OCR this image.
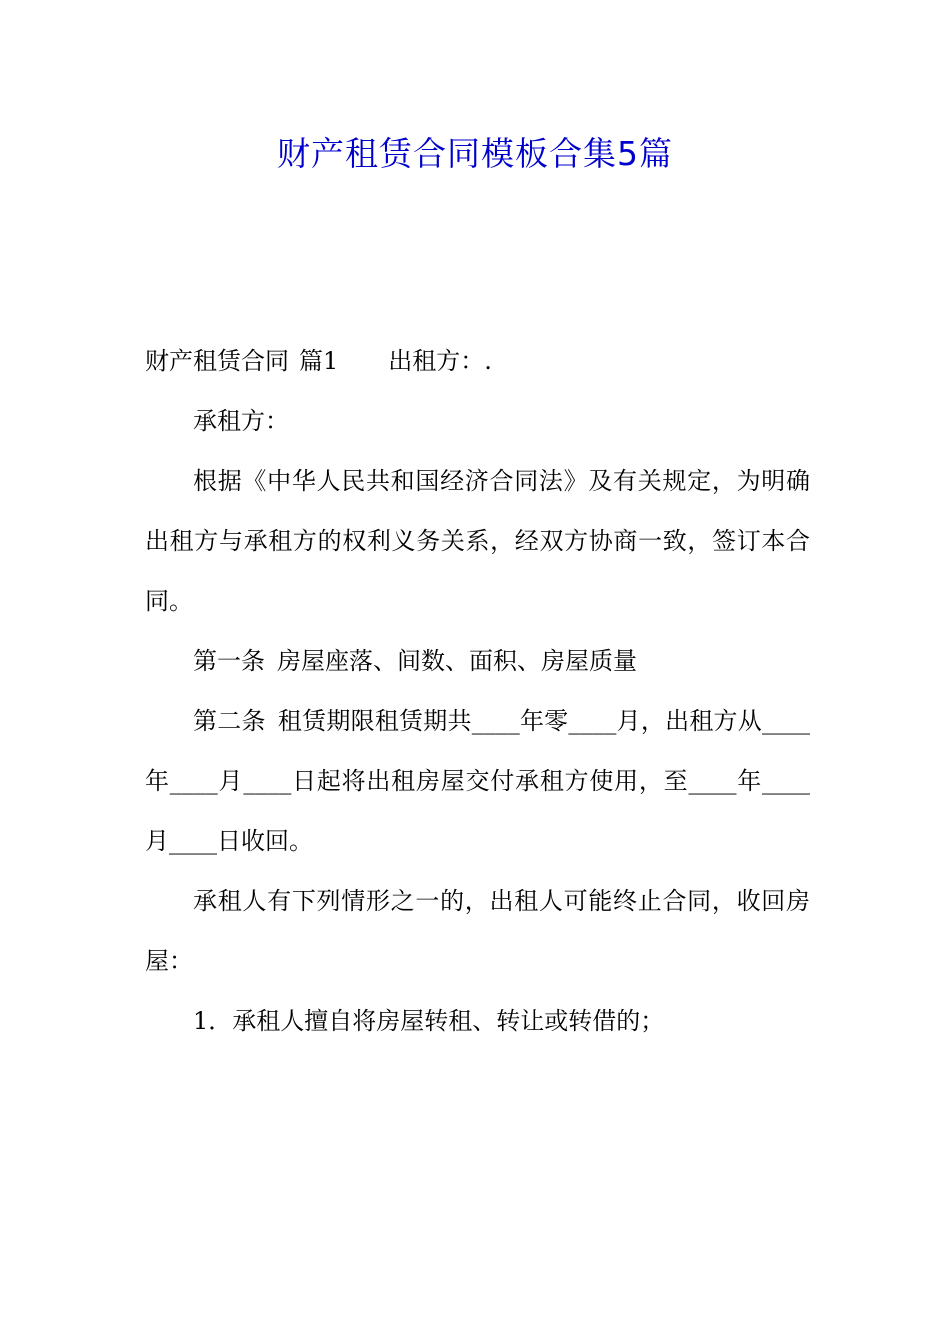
财产租赁合同模板合集5篇

财产租赁合同 篇1 出租方：.

承租方：

根据《中华人民共和国经济合同法》及有关规定，为明确出租方与承租方的权利义务关系，经双方协商一致，签订本合同。

第一条 房屋座落、间数、面积、房屋质量

第二条 租赁期限租赁期共____年零____月，出租方从____年____月____日起将出租房屋交付承租方使用，至____年____月____日收回。

承租人有下列情形之一的，出租人可能终止合同，收回房屋：

1．承租人擅自将房屋转租、转让或转借的；
